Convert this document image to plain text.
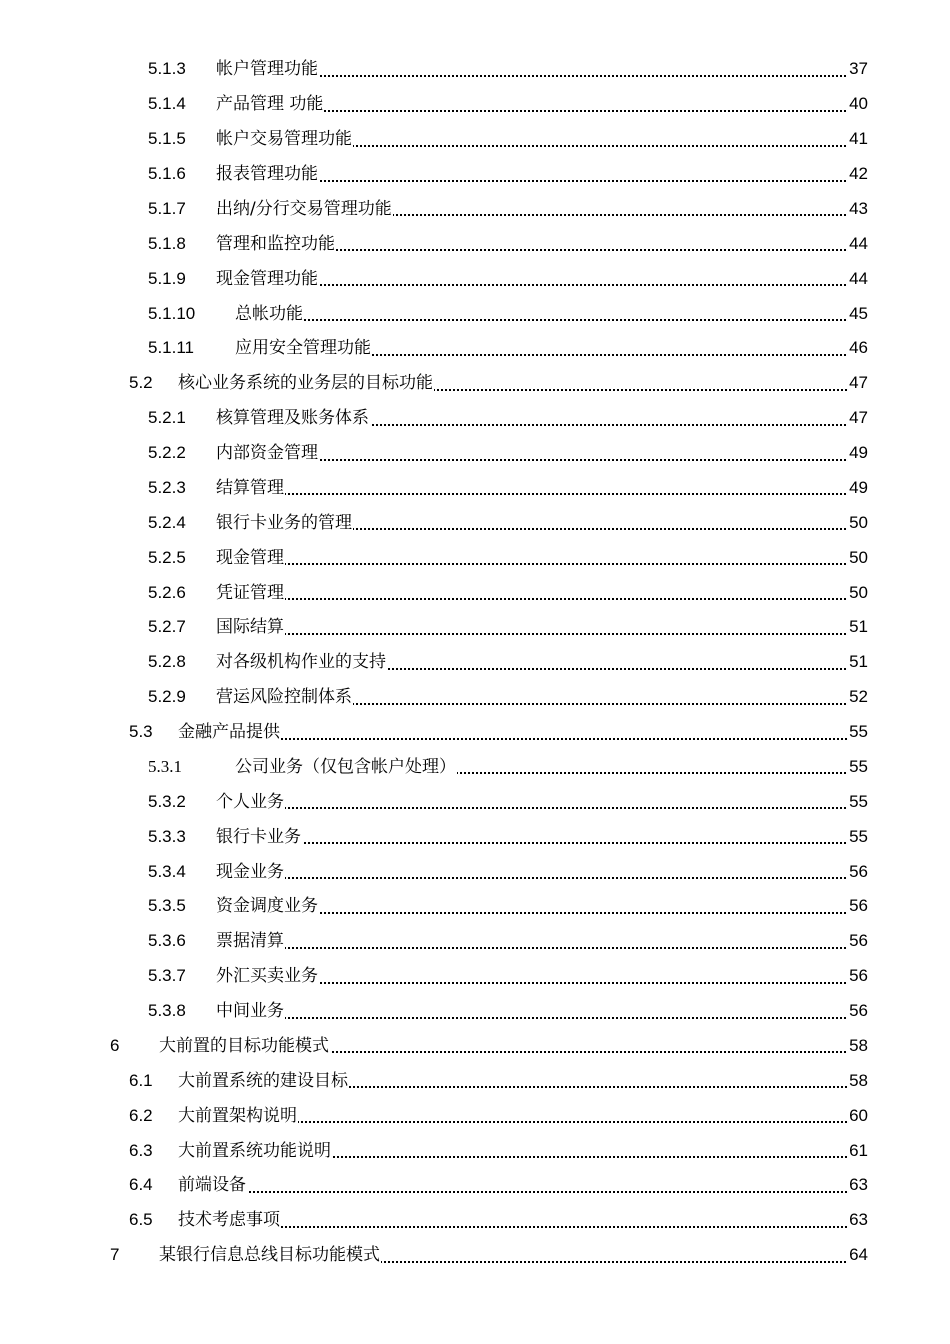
5.1.3 帐户管理功能	37
5.1.4 产品管理 功能	40
5.1.5 帐户交易管理功能	41
5.1.6 报表管理功能	42
5.1.7 出纳/分行交易管理功能	43
5.1.8 管理和监控功能	44
5.1.9 现金管理功能	44
5.1.10 总帐功能	45
5.1.11 应用安全管理功能	46
5.2 核心业务系统的业务层的目标功能	47
5.2.1 核算管理及账务体系	47
5.2.2 内部资金管理	49
5.2.3 结算管理	49
5.2.4 银行卡业务的管理	50
5.2.5 现金管理	50
5.2.6 凭证管理	50
5.2.7 国际结算	51
5.2.8 对各级机构作业的支持	51
5.2.9 营运风险控制体系	52
5.3 金融产品提供	55
5.3.1	公司业务（仅包含帐户处理）	55
5.3.2 个人业务	55
5.3.3 银行卡业务	55
5.3.4 现金业务	56
5.3.5 资金调度业务	56
5.3.6 票据清算	56
5.3.7 外汇买卖业务	56
5.3.8 中间业务	56
6 大前置的目标功能模式	58
6.1 大前置系统的建设目标	58
6.2 大前置架构说明	60
6.3 大前置系统功能说明	61
6.4 前端设备	63
6.5 技术考虑事项	63
7 某银行信息总线目标功能模式	64
